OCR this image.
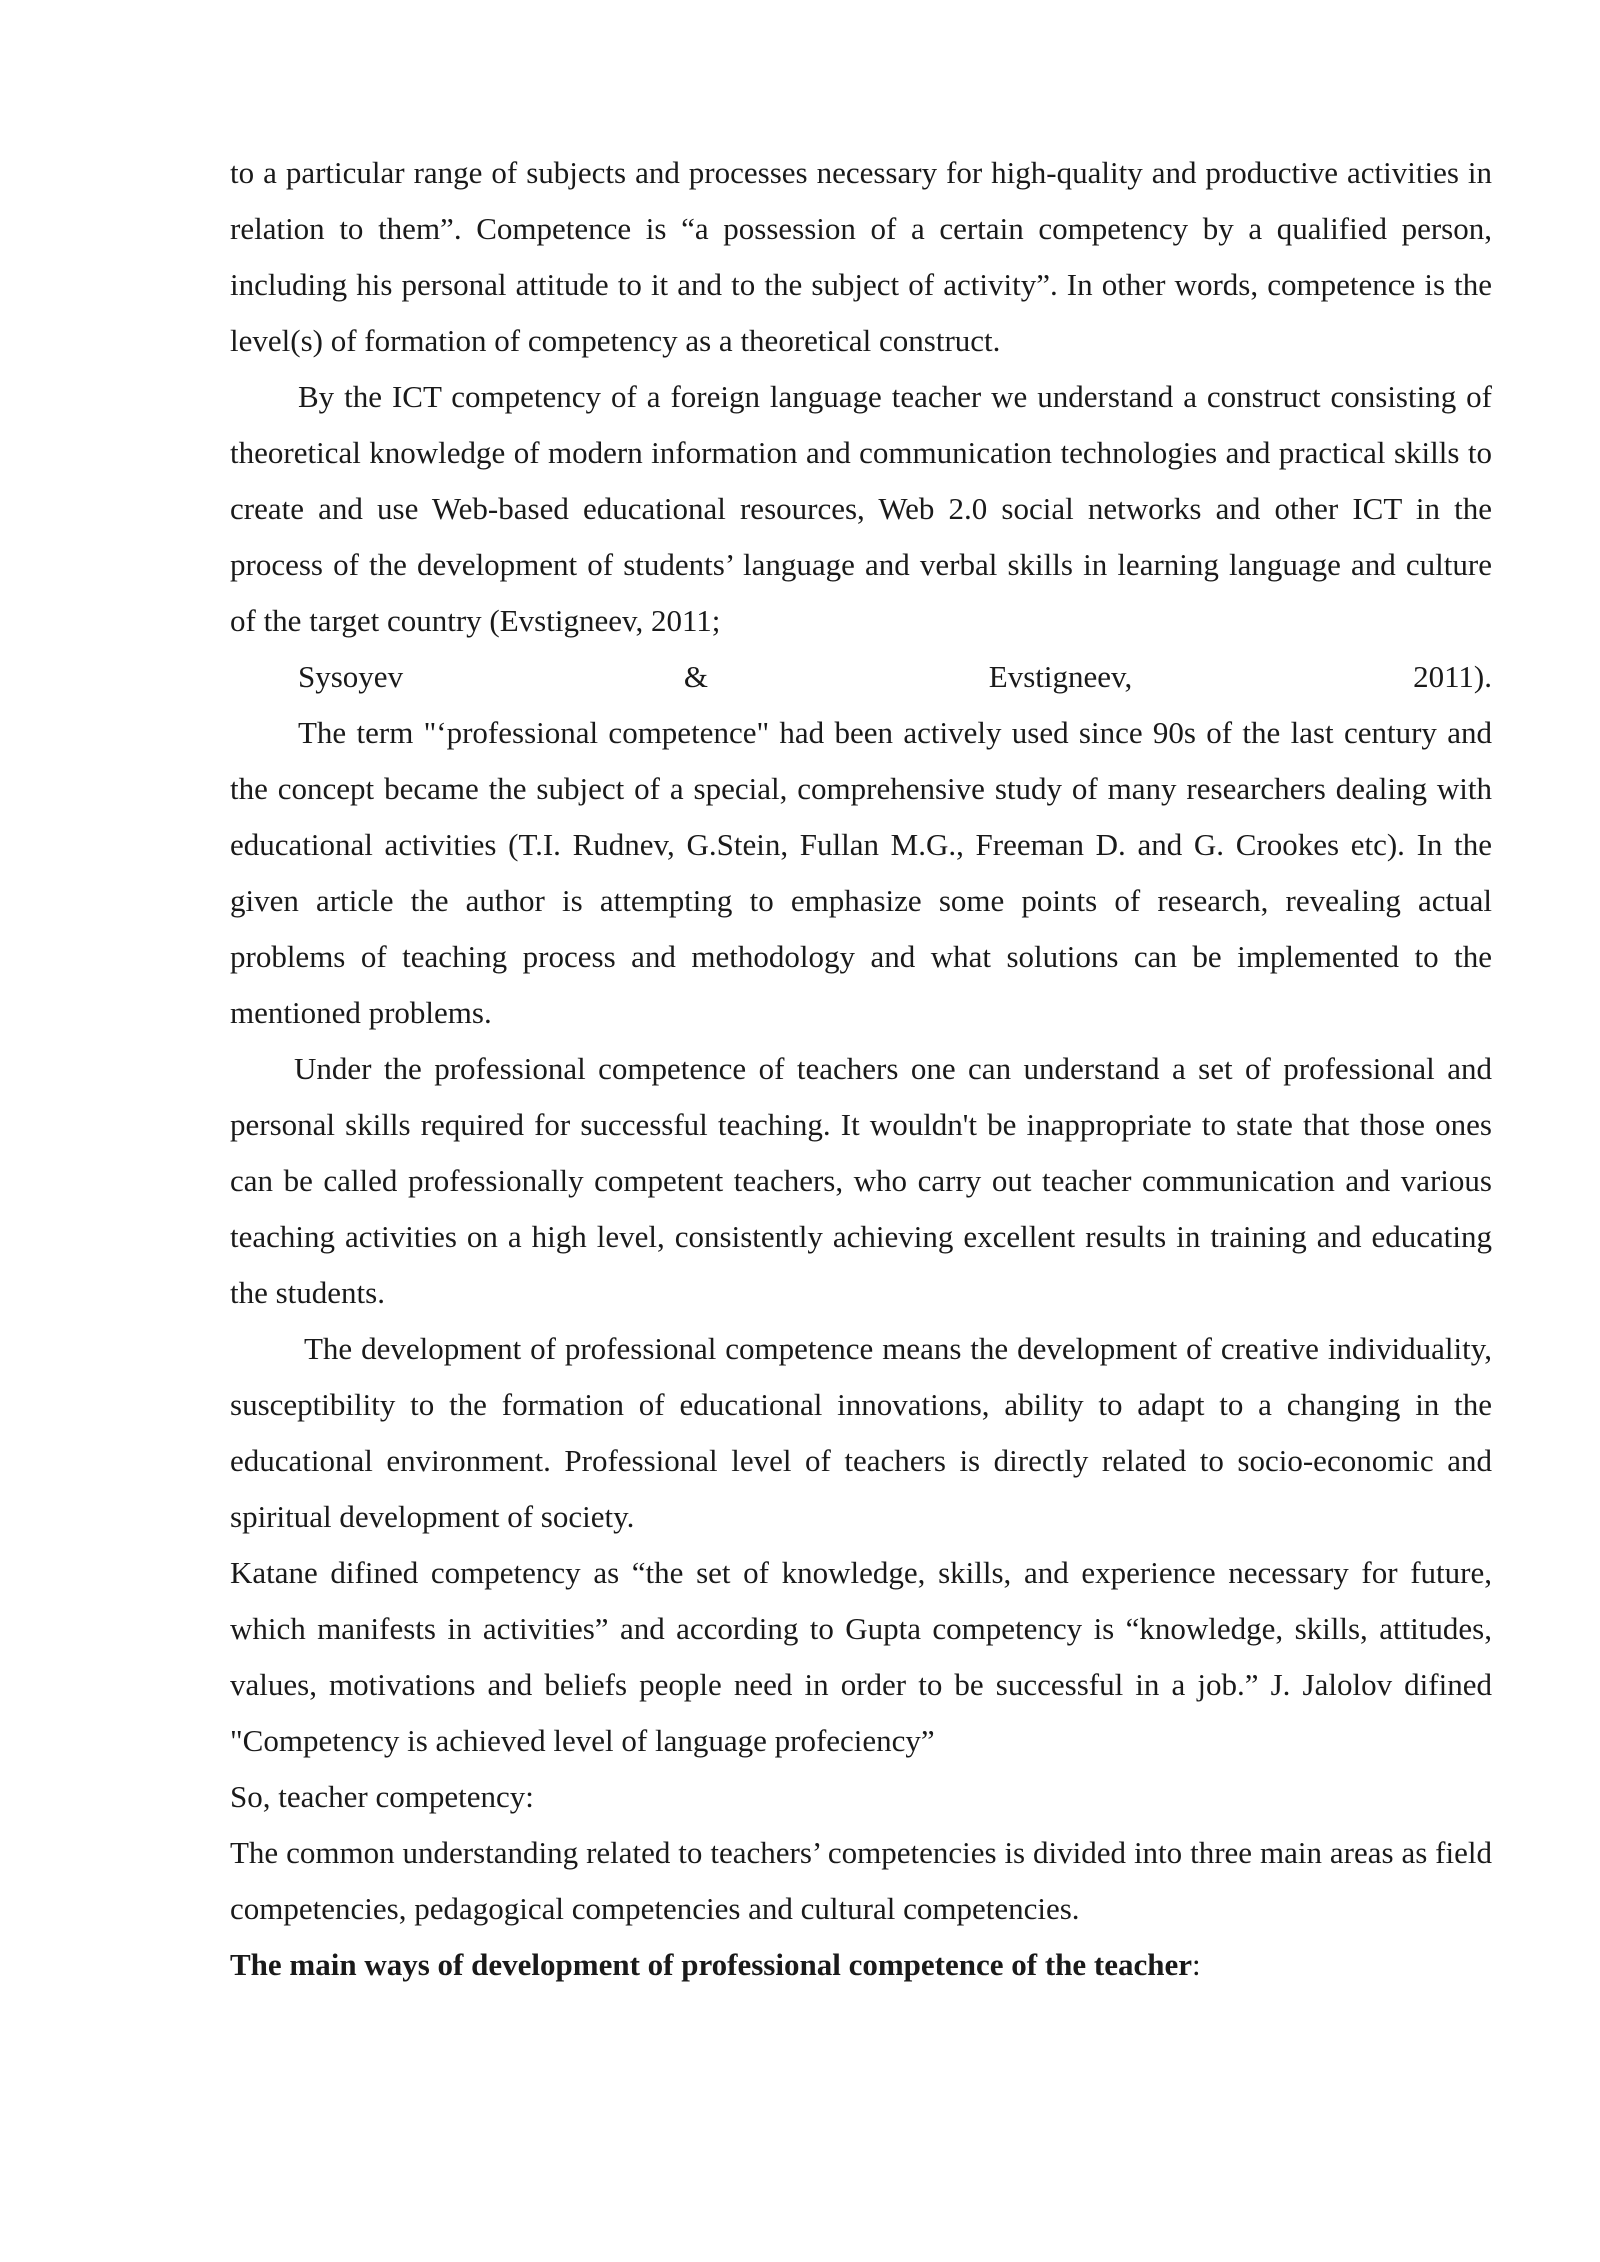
to a particular range of subjects and processes necessary for high-quality and productive activities in relation to them”. Competence is “a possession of a certain competency by a qualified person, including his personal attitude to it and to the subject of activity”. In other words, competence is the level(s) of formation of competency as a theoretical construct.

By the ICT competency of a foreign language teacher we understand a construct consisting of theoretical knowledge of modern information and communication technologies and practical skills to create and use Web-based educational resources, Web 2.0 social networks and other ICT in the process of the development of students’ language and verbal skills in learning language and culture of the target country (Evstigneev, 2011;
Sysoyev & Evstigneev, 2011).

The term "‘professional competence" had been actively used since 90s of the last century and the concept became the subject of a special, comprehensive study of many researchers dealing with educational activities (T.I. Rudnev, G.Stein, Fullan M.G., Freeman D. and G. Crookes etc). In the given article the author is attempting to emphasize some points of research, revealing actual problems of teaching process and methodology and what solutions can be implemented to the mentioned problems.

Under the professional competence of teachers one can understand a set of professional and personal skills required for successful teaching. It wouldn't be inappropriate to state that those ones can be called professionally competent teachers, who carry out teacher communication and various teaching activities on a high level, consistently achieving excellent results in training and educating the students.

The development of professional competence means the development of creative individuality, susceptibility to the formation of educational innovations, ability to adapt to a changing in the educational environment. Professional level of teachers is directly related to socio-economic and spiritual development of society.

Katane difined competency as “the set of knowledge, skills, and experience necessary for future, which manifests in activities” and according to Gupta competency is “knowledge, skills, attitudes, values, motivations and beliefs people need in order to be successful in a job.” J. Jalolov difined "Competency is achieved level of language profeciency”

So, teacher competency:

The common understanding related to teachers’ competencies is divided into three main areas as field competencies, pedagogical competencies and cultural competencies.

The main ways of development of professional competence of the teacher:
